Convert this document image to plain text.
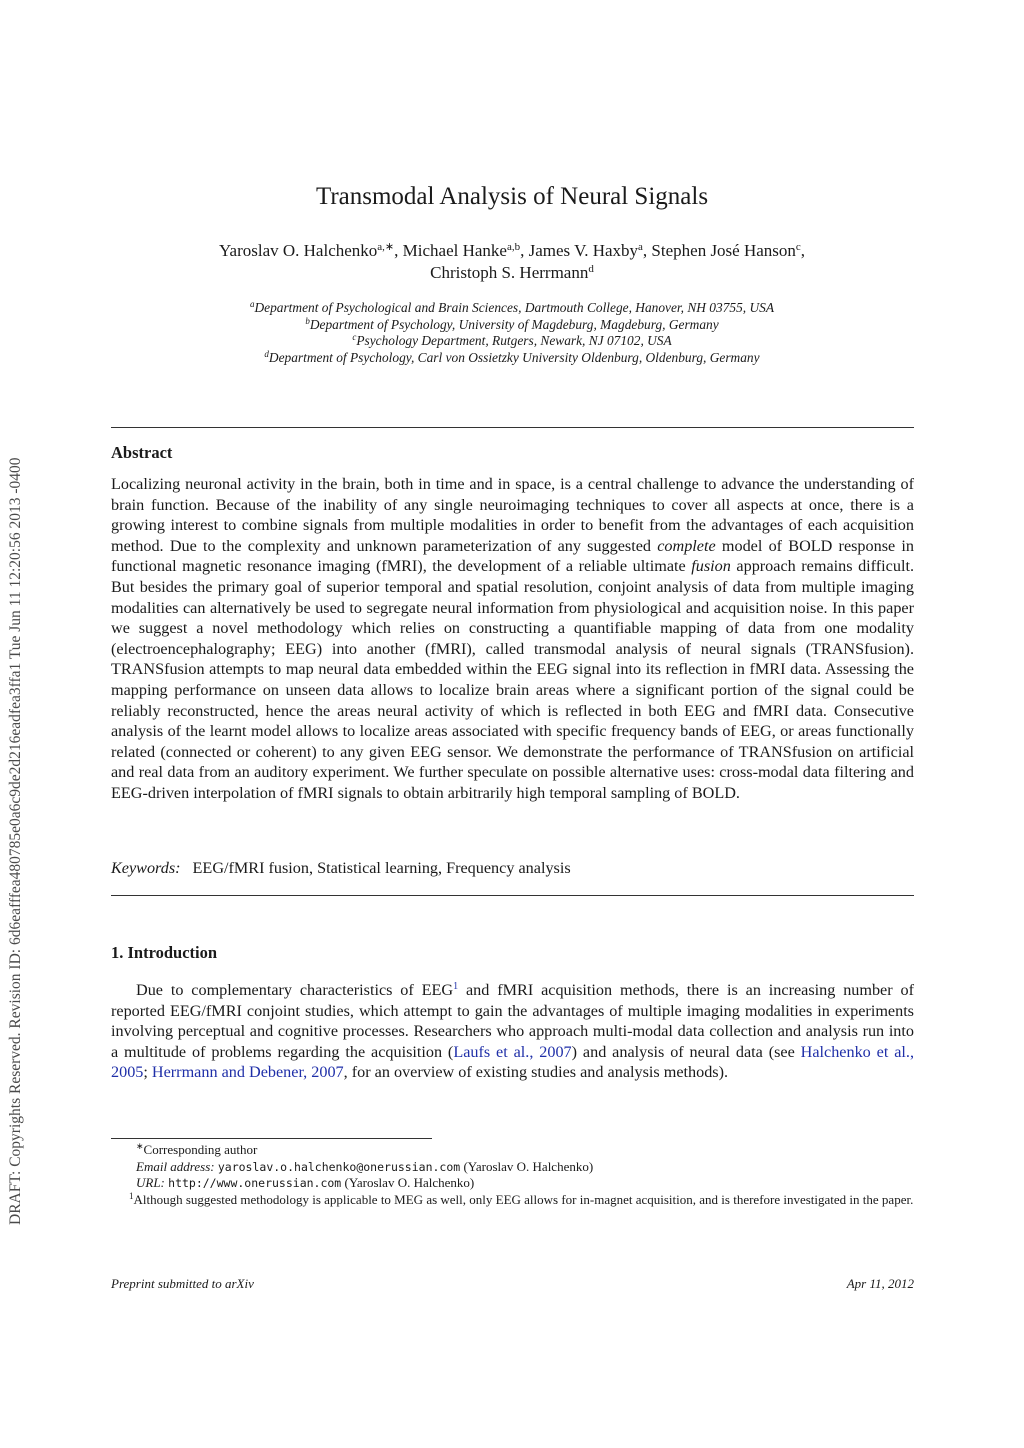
DRAFT: Copyrights Reserved. Revision ID: 6d6eafffea480785e0a6c9de2d216eadfea3ffa1 Tue Jun 11 12:20:56 2013 -0400
Transmodal Analysis of Neural Signals
Yaroslav O. Halchenko$^{a,∗}$, Michael Hanke$^{a,b}$, James V. Haxby$^a$, Stephen José Hanson$^c$,
Christoph S. Herrmann$^d$
$^a$Department of Psychological and Brain Sciences, Dartmouth College, Hanover, NH 03755, USA
$^b$Department of Psychology, University of Magdeburg, Magdeburg, Germany
$^c$Psychology Department, Rutgers, Newark, NJ 07102, USA
$^d$Department of Psychology, Carl von Ossietzky University Oldenburg, Oldenburg, Germany
Abstract
Localizing neuronal activity in the brain, both in time and in space, is a central challenge to advance the understanding of brain function. Because of the inability of any single neuroimaging techniques to cover all aspects at once, there is a growing interest to combine signals from multiple modalities in order to benefit from the advantages of each acquisition method. Due to the complexity and unknown parameterization of any suggested complete model of BOLD response in functional magnetic resonance imaging (fMRI), the development of a reliable ultimate fusion approach remains difficult. But besides the primary goal of superior temporal and spatial resolution, conjoint analysis of data from multiple imaging modalities can alternatively be used to segregate neural information from physiological and acquisition noise. In this paper we suggest a novel methodology which relies on constructing a quantifiable mapping of data from one modality (electroencephalography; EEG) into another (fMRI), called transmodal analysis of neural signals (TRANSfusion). TRANSfusion attempts to map neural data embedded within the EEG signal into its reflection in fMRI data. Assessing the mapping performance on unseen data allows to localize brain areas where a significant portion of the signal could be reliably reconstructed, hence the areas neural activity of which is reflected in both EEG and fMRI data. Consecutive analysis of the learnt model allows to localize areas associated with specific frequency bands of EEG, or areas functionally related (connected or coherent) to any given EEG sensor. We demonstrate the performance of TRANSfusion on artificial and real data from an auditory experiment. We further speculate on possible alternative uses: cross-modal data filtering and EEG-driven interpolation of fMRI signals to obtain arbitrarily high temporal sampling of BOLD.
Keywords: EEG/fMRI fusion, Statistical learning, Frequency analysis
1. Introduction
Due to complementary characteristics of EEG$^1$ and fMRI acquisition methods, there is an increasing number of reported EEG/fMRI conjoint studies, which attempt to gain the advantages of multiple imaging modalities in experiments involving perceptual and cognitive processes. Researchers who approach multi-modal data collection and analysis run into a multitude of problems regarding the acquisition (Laufs et al., 2007) and analysis of neural data (see Halchenko et al., 2005; Herrmann and Debener, 2007, for an overview of existing studies and analysis methods).

∗Corresponding author

Email address: yaroslav.o.halchenko@onerussian.com (Yaroslav O. Halchenko)

URL: http://www.onerussian.com (Yaroslav O. Halchenko)

$^1$Although suggested methodology is applicable to MEG as well, only EEG allows for in-magnet acquisition, and is therefore investigated in the paper.

Preprint submitted to arXiv	Apr 11, 2012
